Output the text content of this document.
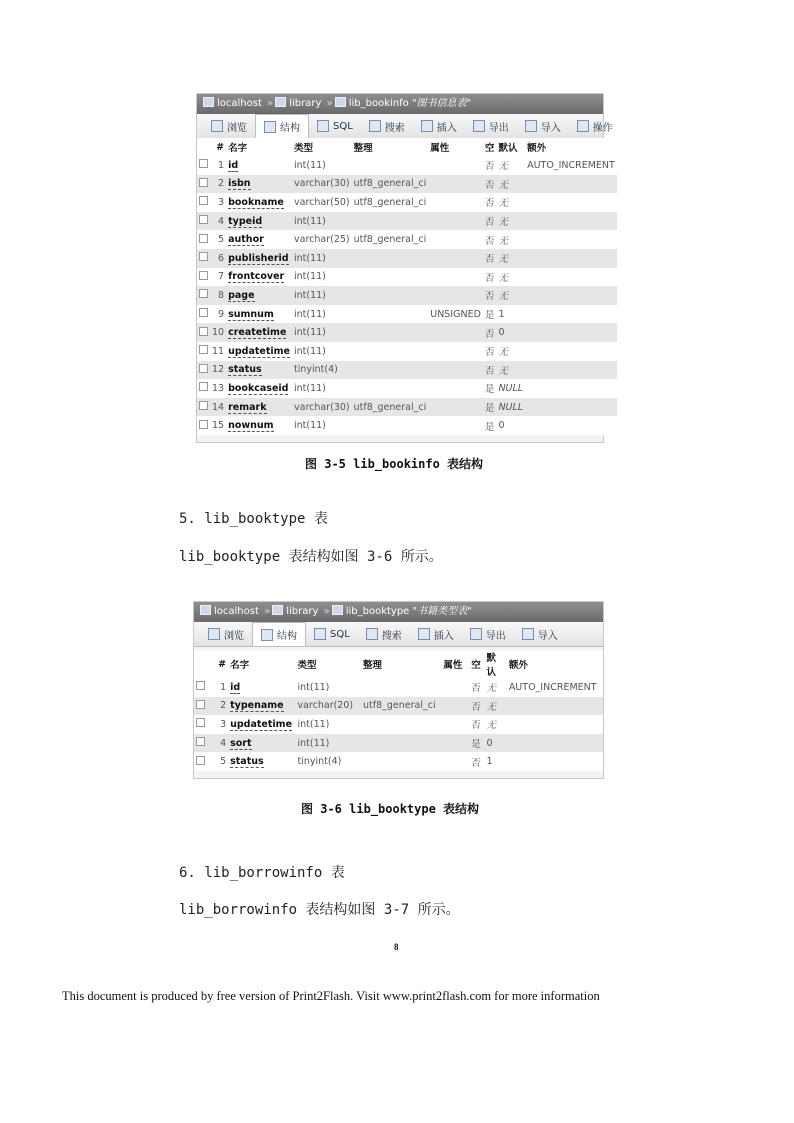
localhost » library » lib_bookinfo "图书信息表"
浏览	结构	SQL	搜索	插入	导出	导入	操作
	#	名字	类型	整理	属性	空	默认	额外
	1	id	int(11)			否	无	AUTO_INCREMENT
	2	isbn	varchar(30)	utf8_general_ci		否	无	
	3	bookname	varchar(50)	utf8_general_ci		否	无	
	4	typeid	int(11)			否	无	
	5	author	varchar(25)	utf8_general_ci		否	无	
	6	publisherid	int(11)			否	无	
	7	frontcover	int(11)			否	无	
	8	page	int(11)			否	无	
	9	sumnum	int(11)		UNSIGNED	是	1	
	10	createtime	int(11)			否	0	
	11	updatetime	int(11)			否	无	
	12	status	tinyint(4)			否	无	
	13	bookcaseid	int(11)			是	NULL	
	14	remark	varchar(30)	utf8_general_ci		是	NULL	
	15	nownum	int(11)			是	0	
图 3-5 lib_bookinfo 表结构
5. lib_booktype 表
lib_booktype 表结构如图 3-6 所示。
localhost » library » lib_booktype "书籍类型表"
浏览	结构	SQL	搜索	插入	导出	导入
	#	名字	类型	整理	属性	空	默认	额外
	1	id	int(11)			否	无	AUTO_INCREMENT
	2	typename	varchar(20)	utf8_general_ci		否	无	
	3	updatetime	int(11)			否	无	
	4	sort	int(11)			是	0	
	5	status	tinyint(4)			否	1	
图 3-6 lib_booktype 表结构
6. lib_borrowinfo 表
lib_borrowinfo 表结构如图 3-7 所示。
8
This document is produced by free version of Print2Flash. Visit www.print2flash.com for more information
